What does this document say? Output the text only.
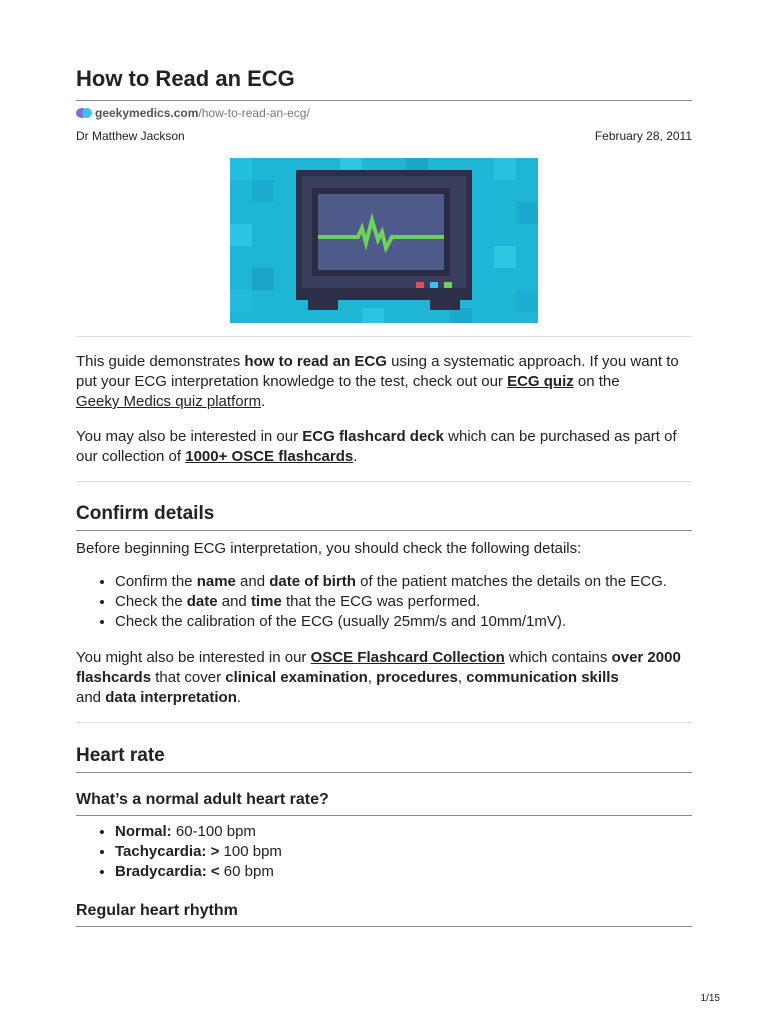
How to Read an ECG
geekymedics.com /how-to-read-an-ecg/
Dr Matthew Jackson	February 28, 2011

This guide demonstrates how to read an ECG using a systematic approach. If you want to put your ECG interpretation knowledge to the test, check out our ECG quiz on the
Geeky Medics quiz platform.

You may also be interested in our ECG flashcard deck which can be purchased as part of our collection of 1000+ OSCE flashcards.

Confirm details

Before beginning ECG interpretation, you should check the following details:

• Confirm the name and date of birth of the patient matches the details on the ECG.
• Check the date and time that the ECG was performed.
• Check the calibration of the ECG (usually 25mm/s and 10mm/1mV).

You might also be interested in our OSCE Flashcard Collection which contains over 2000 flashcards that cover clinical examination, procedures, communication skills
and data interpretation.

Heart rate
What’s a normal adult heart rate?
• Normal: 60-100 bpm
• Tachycardia: > 100 bpm
• Bradycardia: < 60 bpm
Regular heart rhythm
1/15
